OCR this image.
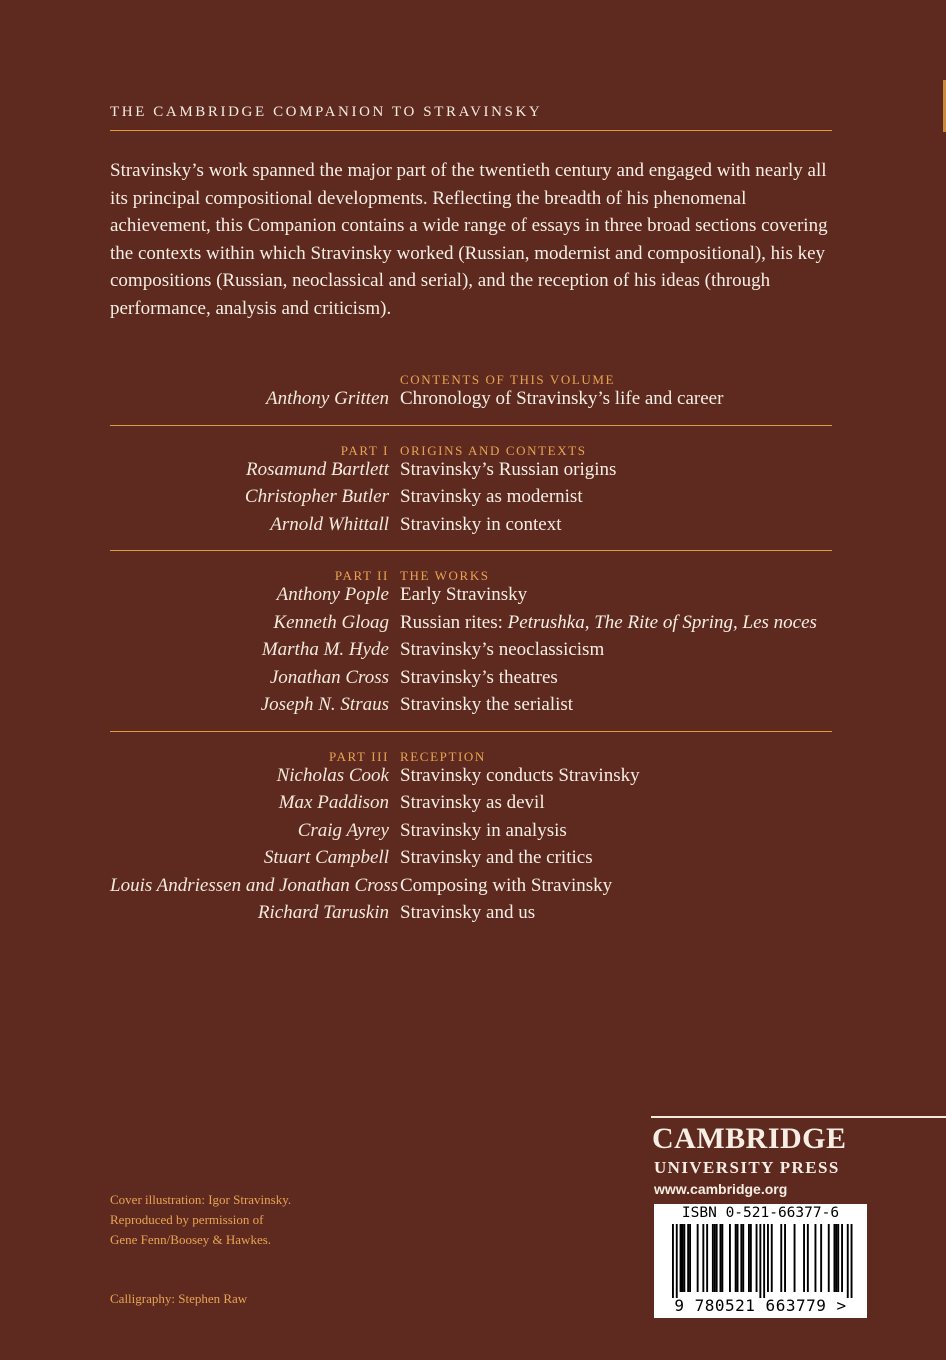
THE CAMBRIDGE COMPANION TO STRAVINSKY
Stravinsky’s work spanned the major part of the twentieth century and engaged with nearly all its principal compositional developments. Reflecting the breadth of his phenomenal achievement, this Companion contains a wide range of essays in three broad sections covering the contexts within which Stravinsky worked (Russian, modernist and compositional), his key compositions (Russian, neoclassical and serial), and the reception of his ideas (through performance, analysis and criticism).
CONTENTS OF THIS VOLUME
Anthony Gritten Chronology of Stravinsky’s life and career
PART I ORIGINS AND CONTEXTS
Rosamund Bartlett Stravinsky’s Russian origins
Christopher Butler Stravinsky as modernist
Arnold Whittall Stravinsky in context
PART II THE WORKS
Anthony Pople Early Stravinsky
Kenneth Gloag Russian rites: Petrushka, The Rite of Spring, Les noces
Martha M. Hyde Stravinsky’s neoclassicism
Jonathan Cross Stravinsky’s theatres
Joseph N. Straus Stravinsky the serialist
PART III RECEPTION
Nicholas Cook Stravinsky conducts Stravinsky
Max Paddison Stravinsky as devil
Craig Ayrey Stravinsky in analysis
Stuart Campbell Stravinsky and the critics
Louis Andriessen and Jonathan Cross Composing with Stravinsky
Richard Taruskin Stravinsky and us
Cover illustration: Igor Stravinsky.
Reproduced by permission of
Gene Fenn/Boosey & Hawkes.
Calligraphy: Stephen Raw
CAMBRIDGE
UNIVERSITY PRESS
www.cambridge.org
ISBN 0-521-66377-6
9 780521 663779 >
